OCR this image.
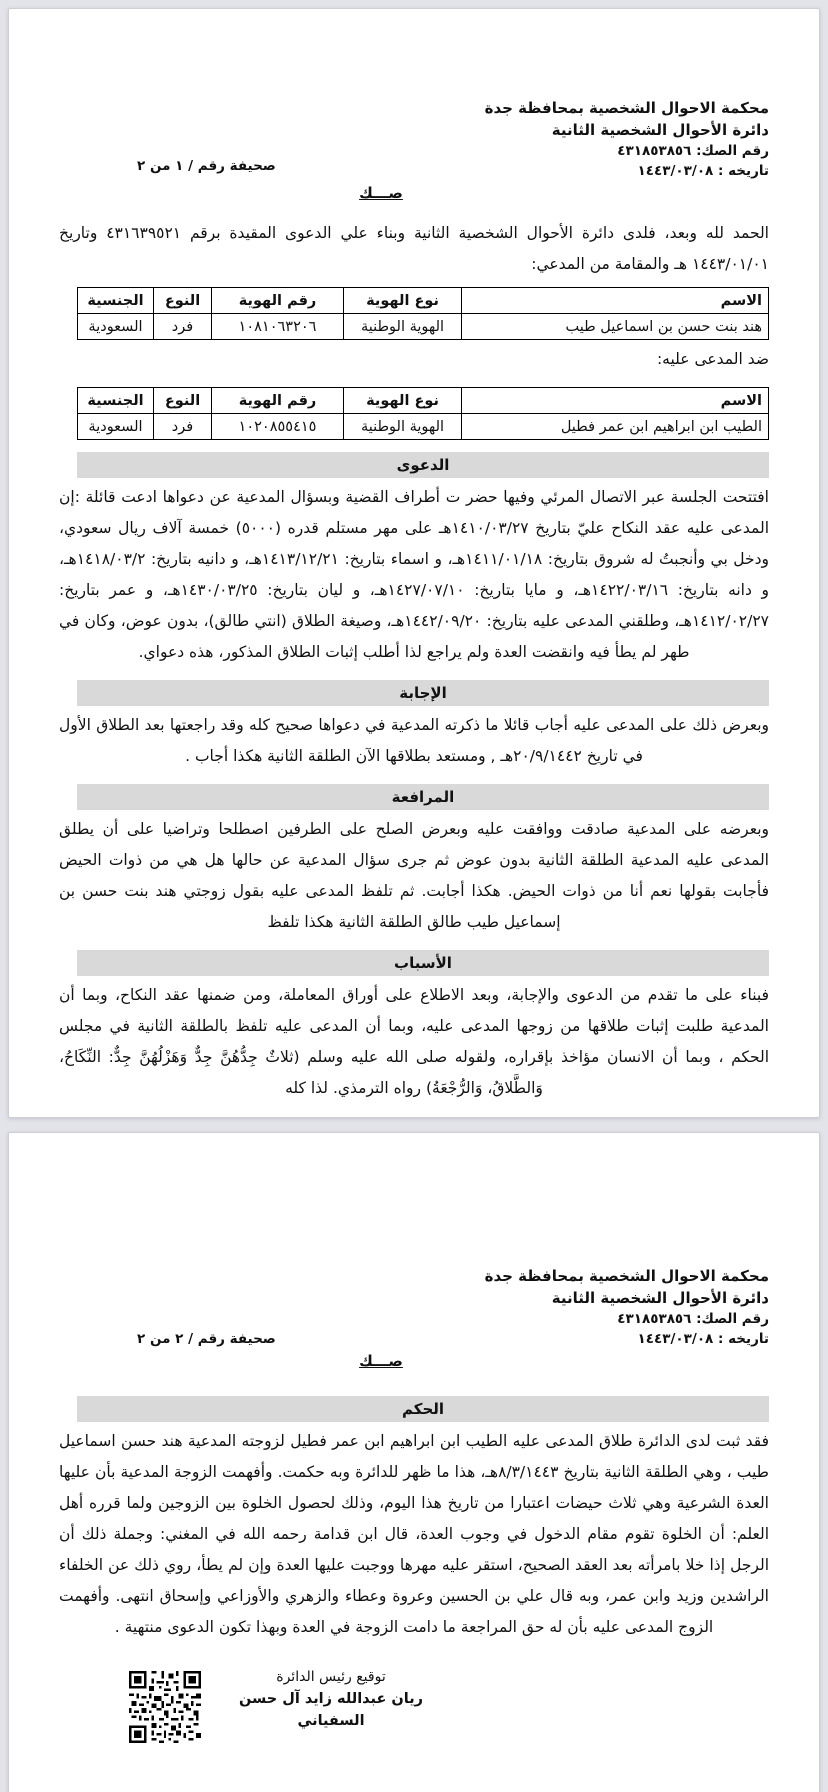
صحيفة رقم / ١ من ٢
محكمة الاحوال الشخصية بمحافظة جدة
دائرة الأحوال الشخصية الثانية
رقم الصك: ٤٣١٨٥٣٨٥٦
تاريخه : ١٤٤٣/٠٣/٠٨
صـــك

الحمد لله وبعد، فلدى دائرة الأحوال الشخصية الثانية وبناء علي الدعوى المقيدة برقم ٤٣١٦٣٩٥٢١ وتاريخ ١٤٤٣/٠١/٠١ هـ والمقامة من المدعي:

الاسم	نوع الهوية	رقم الهوية	النوع	الجنسية
هند بنت حسن بن اسماعيل طيب	الهوية الوطنية	١٠٨١٠٦٣٢٠٦	فرد	السعودية
ضد المدعى عليه:
الاسم	نوع الهوية	رقم الهوية	النوع	الجنسية
الطيب ابن ابراهيم ابن عمر فطيل	الهوية الوطنية	١٠٢٠٨٥٥٤١٥	فرد	السعودية
الدعوى

افتتحت الجلسة عبر الاتصال المرئي وفيها حضر ت أطراف القضية وبسؤال المدعية عن دعواها ادعت قائلة :إن المدعى عليه عقد النكاح عليّ بتاريخ ١٤١٠/٠٣/٢٧هـ على مهر مستلم قدره (٥٠٠٠) خمسة آلاف ريال سعودي، ودخل بي وأنجبتُ له شروق بتاريخ: ١٤١١/٠١/١٨هـ، و اسماء بتاريخ: ١٤١٣/١٢/٢١هـ، و دانيه بتاريخ: ١٤١٨/٠٣/٢هـ، و دانه بتاريخ: ١٤٢٢/٠٣/١٦هـ، و مايا بتاريخ: ١٤٢٧/٠٧/١٠هـ، و ليان بتاريخ: ١٤٣٠/٠٣/٢٥هـ، و عمر بتاريخ: ١٤١٢/٠٢/٢٧هـ، وطلقني المدعى عليه بتاريخ: ١٤٤٢/٠٩/٢٠هـ، وصيغة الطلاق (انتي طالق)، بدون عوض، وكان في طهر لم يطأ فيه وانقضت العدة ولم يراجع لذا أطلب إثبات الطلاق المذكور، هذه دعواي.

الإجابة

وبعرض ذلك على المدعى عليه أجاب قائلا ما ذكرته المدعية في دعواها صحيح كله وقد راجعتها بعد الطلاق الأول في تاريخ ٢٠/٩/١٤٤٢هـ , ومستعد بطلاقها الآن الطلقة الثانية هكذا أجاب .

المرافعة

وبعرضه على المدعية صادقت ووافقت عليه وبعرض الصلح على الطرفين اصطلحا وتراضيا على أن يطلق المدعى عليه المدعية الطلقة الثانية بدون عوض ثم جرى سؤال المدعية عن حالها هل هي من ذوات الحيض فأجابت بقولها نعم أنا من ذوات الحيض. هكذا أجابت. ثم تلفظ المدعى عليه بقول زوجتي هند بنت حسن بن إسماعيل طيب طالق الطلقة الثانية هكذا تلفظ

الأسباب

فبناء على ما تقدم من الدعوى والإجابة، وبعد الاطلاع على أوراق المعاملة، ومن ضمنها عقد النكاح، وبما أن المدعية طلبت إثبات طلاقها من زوجها المدعى عليه، وبما أن المدعى عليه تلفظ بالطلقة الثانية في مجلس الحكم ، وبما أن الانسان مؤاخذ بإقراره، ولقوله صلى الله عليه وسلم (ثلاثٌ جِدُّهُنَّ جِدٌّ وَهَزْلُهُنَّ جِدٌّ: النِّكَاحُ، وَالطَّلاقُ، وَالرُّجْعَةُ) رواه الترمذي. لذا كله

صحيفة رقم / ٢ من ٢
محكمة الاحوال الشخصية بمحافظة جدة
دائرة الأحوال الشخصية الثانية
رقم الصك: ٤٣١٨٥٣٨٥٦
تاريخه : ١٤٤٣/٠٣/٠٨
صـــك
الحكم

فقد ثبت لدى الدائرة طلاق المدعى عليه الطيب ابن ابراهيم ابن عمر فطيل لزوجته المدعية هند حسن اسماعيل طيب ، وهي الطلقة الثانية بتاريخ ٨/٣/١٤٤٣هـ، هذا ما ظهر للدائرة وبه حكمت. وأفهمت الزوجة المدعية بأن عليها العدة الشرعية وهي ثلاث حيضات اعتبارا من تاريخ هذا اليوم، وذلك لحصول الخلوة بين الزوجين ولما قرره أهل العلم: أن الخلوة تقوم مقام الدخول في وجوب العدة، قال ابن قدامة رحمه الله في المغني: وجملة ذلك أن الرجل إذا خلا بامرأته بعد العقد الصحيح، استقر عليه مهرها ووجبت عليها العدة وإن لم يطأ، روي ذلك عن الخلفاء الراشدين وزيد وابن عمر، وبه قال علي بن الحسين وعروة وعطاء والزهري والأوزاعي وإسحاق انتهى. وأفهمت الزوج المدعى عليه بأن له حق المراجعة ما دامت الزوجة في العدة وبهذا تكون الدعوى منتهية .

توقيع رئيس الدائرة
ريان عبدالله زايد آل حسن
السفياني
